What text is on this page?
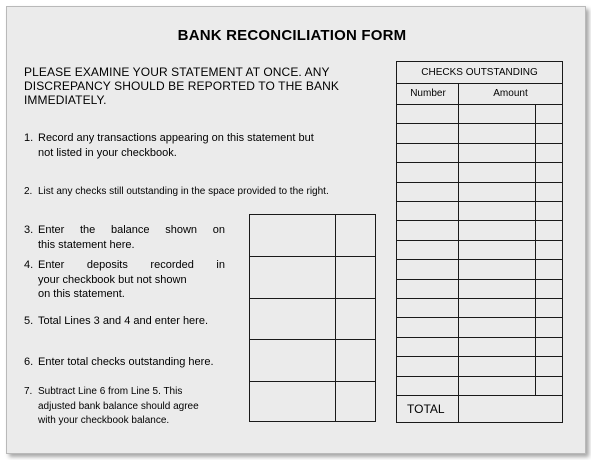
BANK RECONCILIATION FORM
PLEASE EXAMINE YOUR STATEMENT AT ONCE. ANY
DISCREPANCY SHOULD BE REPORTED TO THE BANK
IMMEDIATELY.
1. Record any transactions appearing on this statement but
not listed in your checkbook.
2. List any checks still outstanding in the space provided to the right.
3. Enter the balance shown on
this statement here.
4. Enter deposits recorded in
your checkbook but not shown
on this statement.
5. Total Lines 3 and 4 and enter here.
6. Enter total checks outstanding here.
7. Subtract Line 6 from Line 5. This
adjusted bank balance should agree
with your checkbook balance.
CHECKS OUTSTANDING
Number	Amount
TOTAL
